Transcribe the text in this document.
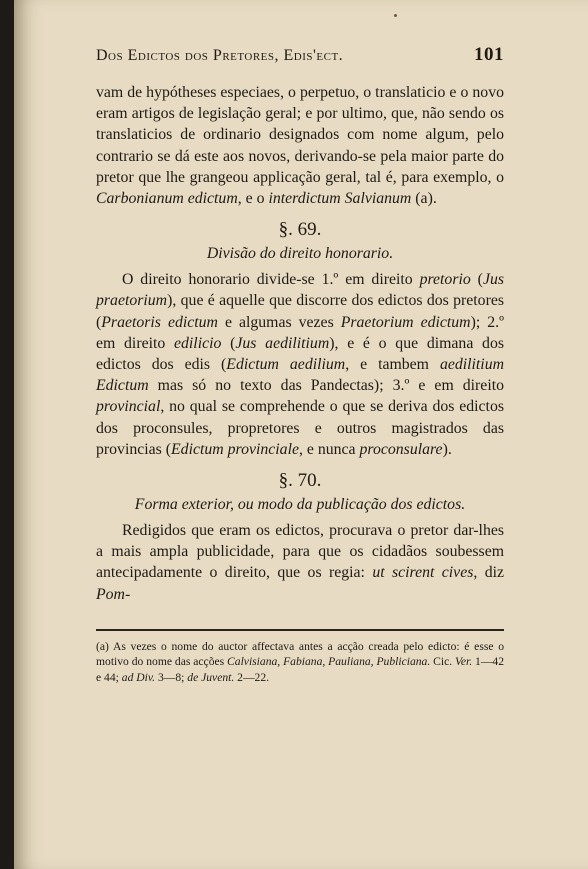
Dos Edictos dos Pretores, Edis'ect.	101

vam de hypótheses especiaes, o perpetuo, o translaticio e o novo eram artigos de legislação geral; e por ultimo, que, não sendo os translaticios de ordinario designados com nome algum, pelo contrario se dá este aos novos, derivando-se pela maior parte do pretor que lhe grangeou applicação geral, tal é, para exemplo, o Carbonianum edictum, e o interdictum Salvianum (a).

§. 69.
Divisão do direito honorario.

O direito honorario divide-se 1.º em direito pretorio (Jus praetorium), que é aquelle que discorre dos edictos dos pretores (Praetoris edictum e algumas vezes Praetorium edictum); 2.º em direito edilicio (Jus aedilitium), e é o que dimana dos edictos dos edis (Edictum aedilium, e tambem aedilitium Edictum mas só no texto das Pandectas); 3.º e em direito provincial, no qual se comprehende o que se deriva dos edictos dos proconsules, propretores e outros magistrados das provincias (Edictum provinciale, e nunca proconsulare).

§. 70.
Forma exterior, ou modo da publicação dos edictos.

Redigidos que eram os edictos, procurava o pretor dar-lhes a mais ampla publicidade, para que os cidadãos soubessem antecipadamente o direito, que os regia: ut scirent cives, diz Pom-

(a) As vezes o nome do auctor affectava antes a acção creada pelo edicto: é esse o motivo do nome das acções Calvisiana, Fabiana, Pauliana, Publiciana. Cic. Ver. 1—42 e 44; ad Div. 3—8; de Juvent. 2—22.
